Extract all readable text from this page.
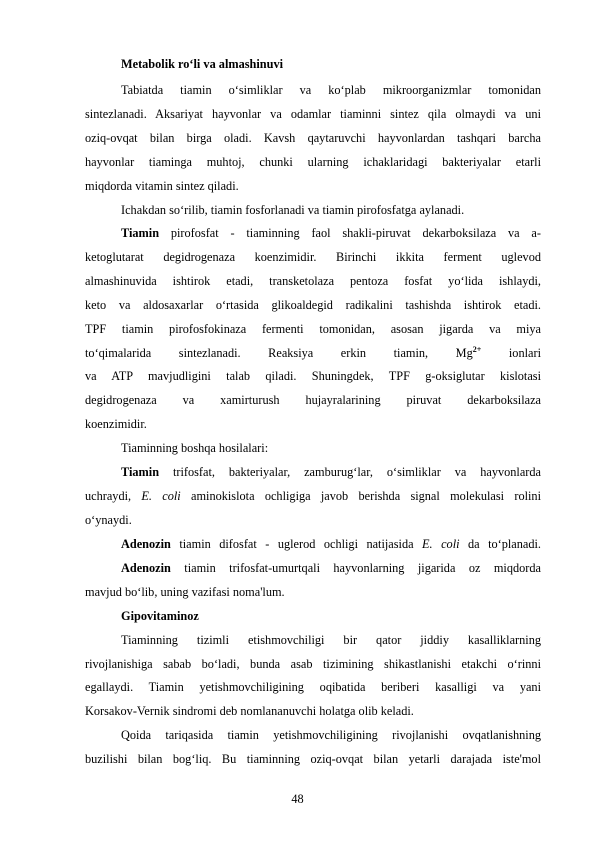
Metabolik ro‘li va almashinuvi
Tabiatda tiamin o‘simliklar va ko‘plab mikroorganizmlar tomonidan
sintezlanadi. Aksariyat hayvonlar va odamlar tiaminni sintez qila olmaydi va uni
oziq-ovqat bilan birga oladi. Kavsh qaytaruvchi hayvonlardan tashqari barcha
hayvonlar tiaminga muhtoj, chunki ularning ichaklaridagi bakteriyalar etarli
miqdorda vitamin sintez qiladi.
Ichakdan so‘rilib, tiamin fosforlanadi va tiamin pirofosfatga aylanadi.
Tiamin pirofosfat - tiaminning faol shakli-piruvat dekarboksilaza va a-
ketoglutarat degidrogenaza koenzimidir. Birinchi ikkita ferment uglevod
almashinuvida ishtirok etadi, transketolaza pentoza fosfat yo‘lida ishlaydi,
keto va aldosaxarlar o‘rtasida glikoaldegid radikalini tashishda ishtirok etadi.
TPF tiamin pirofosfokinaza fermenti tomonidan, asosan jigarda va miya
to‘qimalarida sintezlanadi. Reaksiya erkin tiamin, $Mg^{2+}$ ionlari
va ATP mavjudligini talab qiladi. Shuningdek, TPF g-oksiglutar kislotasi
degidrogenaza va xamirturush hujayralarining piruvat dekarboksilaza
koenzimidir.
Tiaminning boshqa hosilalari:
Tiamin trifosfat, bakteriyalar, zamburug‘lar, o‘simliklar va hayvonlarda
uchraydi, E. coli aminokislota ochligiga javob berishda signal molekulasi rolini
o‘ynaydi.
Adenozin tiamin difosfat - uglerod ochligi natijasida E. coli da to‘planadi.
Adenozin tiamin trifosfat-umurtqali hayvonlarning jigarida oz miqdorda
mavjud bo‘lib, uning vazifasi noma'lum.
Gipovitaminoz
Tiaminning tizimli etishmovchiligi bir qator jiddiy kasalliklarning
rivojlanishiga sabab bo‘ladi, bunda asab tizimining shikastlanishi etakchi o‘rinni
egallaydi. Tiamin yetishmovchiligining oqibatida beriberi kasalligi va yani
Korsakov-Vernik sindromi deb nomlananuvchi holatga olib keladi.
Qoida tariqasida tiamin yetishmovchiligining rivojlanishi ovqatlanishning
buzilishi bilan bog‘liq. Bu tiaminning oziq-ovqat bilan yetarli darajada iste'mol
48
